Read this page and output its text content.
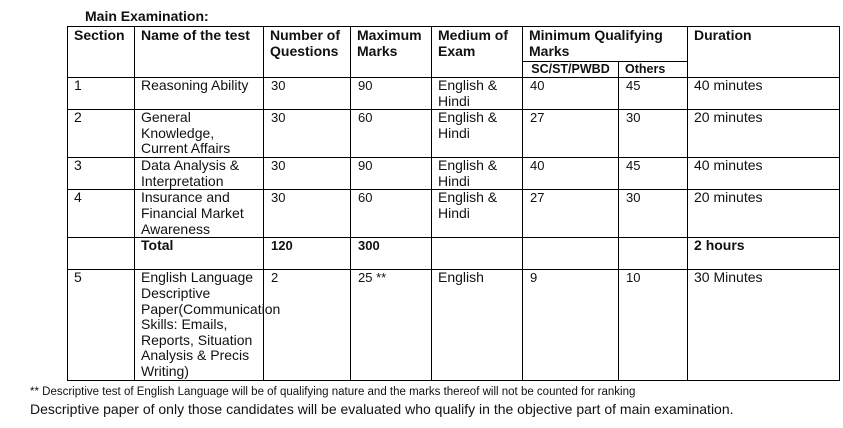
Main Examination:

Section	Name of the test	Number of Questions	Maximum Marks	Medium of Exam	Minimum Qualifying Marks		Duration
					SC/ST/PWBD	Others	
1	Reasoning Ability	30	90	English & Hindi	40	45	40 minutes
2	General Knowledge, Current Affairs	30	60	English & Hindi	27	30	20 minutes
3	Data Analysis & Interpretation	30	90	English & Hindi	40	45	40 minutes
4	Insurance and Financial Market Awareness	30	60	English & Hindi	27	30	20 minutes
	Total	120	300				2 hours
5	English Language Descriptive Paper(Communication Skills: Emails, Reports, Situation Analysis & Precis Writing)	2	25 **	English	9	10	30 Minutes

** Descriptive test of English Language will be of qualifying nature and the marks thereof will not be counted for ranking

Descriptive paper of only those candidates will be evaluated who qualify in the objective part of main examination.
